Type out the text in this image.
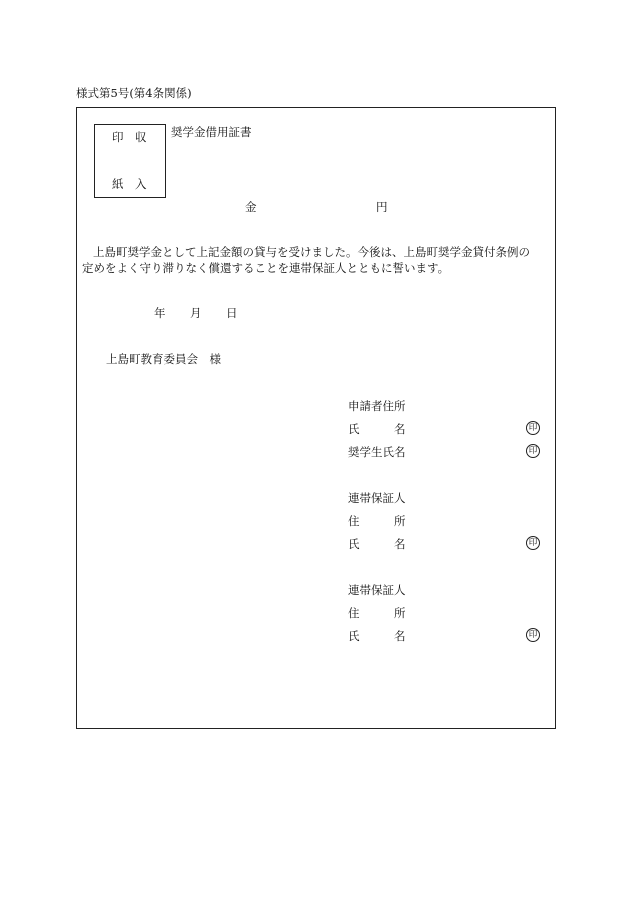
様式第5号(第4条関係)
印　収
紙　入
奨学金借用証書
金	円
上島町奨学金として上記金額の貸与を受けました。今後は、上島町奨学金貸付条例の
定めをよく守り滞りなく償還することを連帯保証人とともに誓います。
年 月 日
上島町教育委員会　様
申請者住所
氏　　　名	印
奨学生氏名	印
連帯保証人
住　　　所
氏　　　名	印
連帯保証人
住　　　所
氏　　　名	印
